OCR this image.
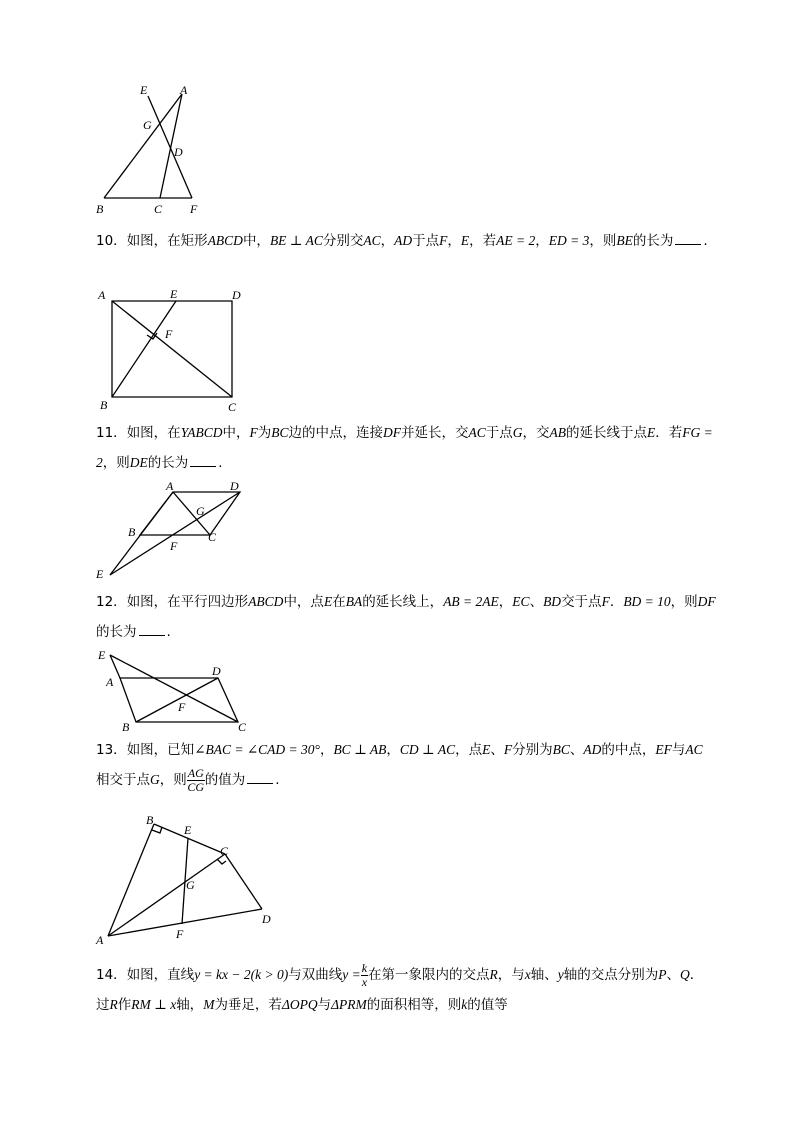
E	A
G
D
B	C F
10．如图，在矩形ABCD中，BE ⊥ AC分别交AC，AD于点F，E，若AE = 2，ED = 3，则BE的长为 .
A	E	D
F
B	C
11．如图，在YABCD中，F为BC边的中点，连接DF并延长，交AC于点G，交AB的延长线于点E．若FG = 2，则DE的长为 .
A	D
G
B	C
F
E
12．如图，在平行四边形ABCD中，点E在BA的延长线上，AB = 2AE，EC、BD交于点F．BD = 10，则DF的长为 .
E
A
D
F
B	C
13．如图，已知∠BAC = ∠CAD = 30°，BC ⊥ AB，CD ⊥ AC，点E、F分别为BC、AD的中点，EF与AC相交于点G，则 $\frac{AG}{CG}$ 的值为 .
B
E
C
G
D
A	F
14．如图，直线y = kx − 2(k > 0)与双曲线$y = \frac{k}{x}$ 在第一象限内的交点R，与x轴、y轴的交点分别为P、Q．过R作RM ⊥ x轴，M为垂足，若ΔOPQ与ΔPRM的面积相等，则k的值等
